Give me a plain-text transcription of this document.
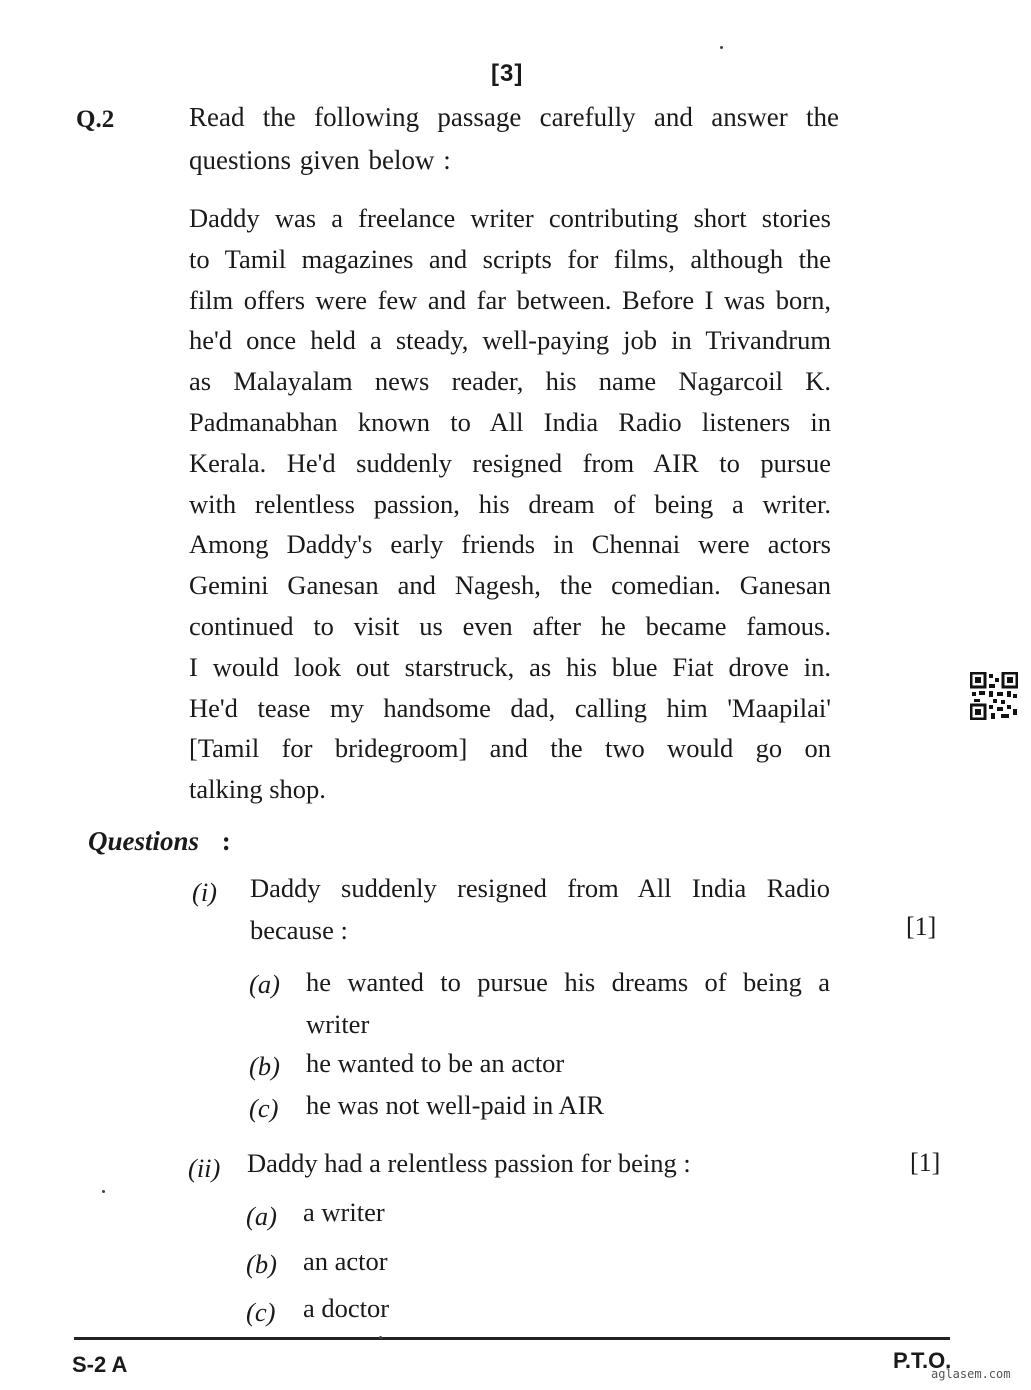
[3]
Q.2	Read the following passage carefully and answer the
questions given below :
Daddy was a freelance writer contributing short stories
to Tamil magazines and scripts for films, although the
film offers were few and far between. Before I was born,
he'd once held a steady, well-paying job in Trivandrum
as Malayalam news reader, his name Nagarcoil K.
Padmanabhan known to All India Radio listeners in
Kerala. He'd suddenly resigned from AIR to pursue
with relentless passion, his dream of being a writer.
Among Daddy's early friends in Chennai were actors
Gemini Ganesan and Nagesh, the comedian. Ganesan
continued to visit us even after he became famous.
I would look out starstruck, as his blue Fiat drove in.
He'd tease my handsome dad, calling him 'Maapilai'
[Tamil for bridegroom] and the two would go on
talking shop.
Questions :
(i) Daddy suddenly resigned from All India Radio
because :	[1]
(a) he wanted to pursue his dreams of being a
writer
(b) he wanted to be an actor
(c) he was not well-paid in AIR
(ii) Daddy had a relentless passion for being :	[1]
(a) a writer
(b) an actor
(c) a doctor
S-2 A	P.T.O.
aglasem.com
